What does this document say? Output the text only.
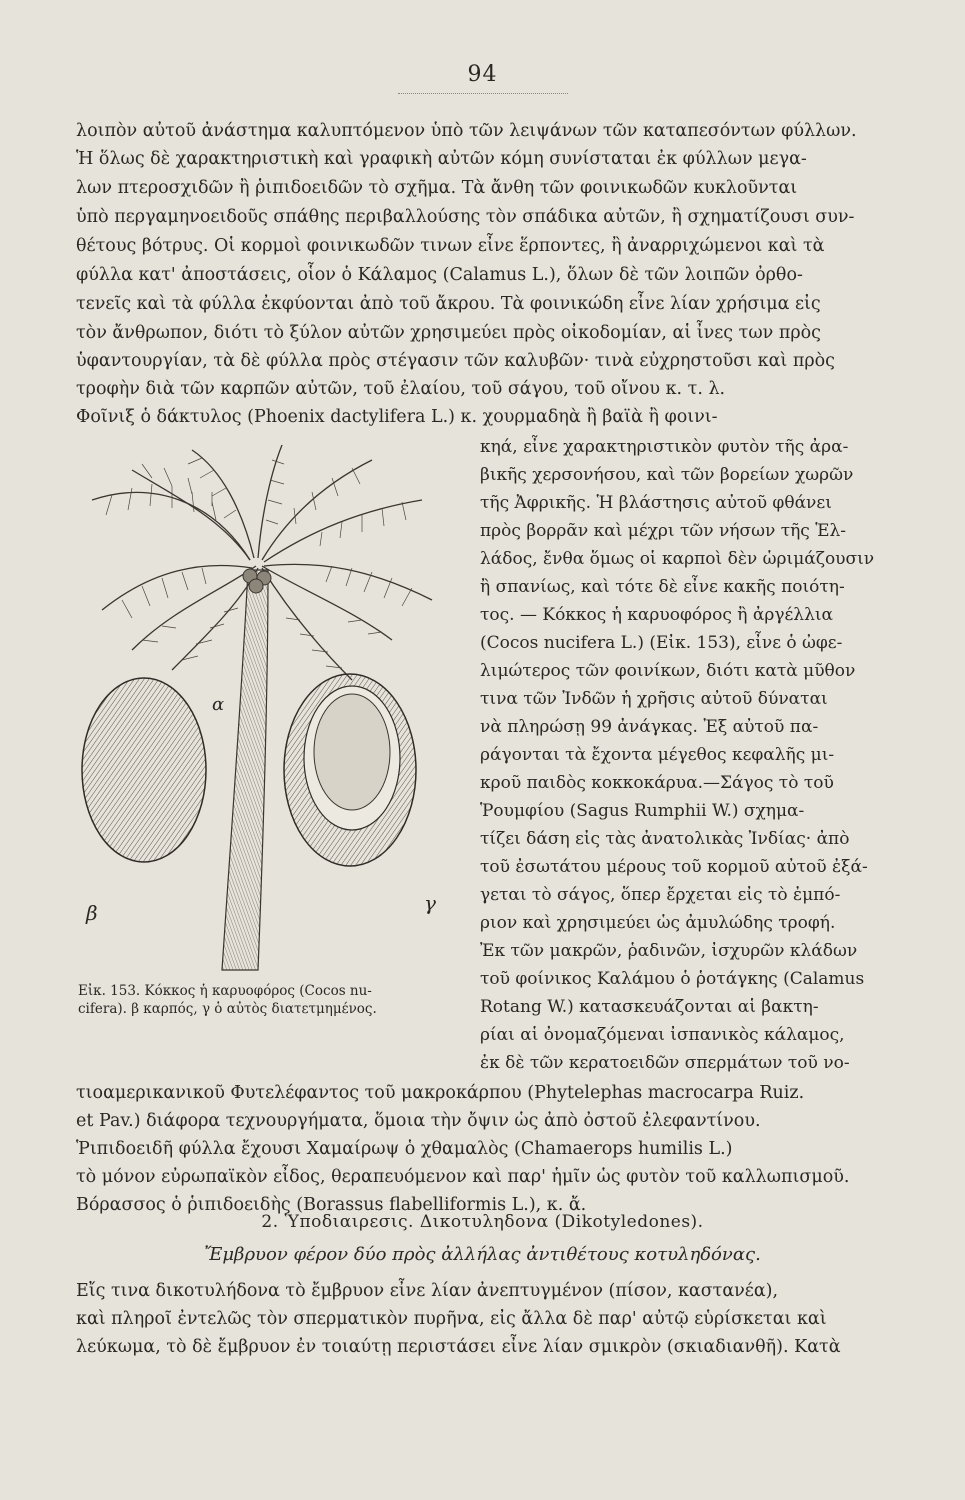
94
λοιπὸν αὐτοῦ ἀνάστημα καλυπτόμενον ὑπὸ τῶν λειψάνων τῶν καταπεσόντων φύλλων.
Ἡ ὅλως δὲ χαρακτηριστικὴ καὶ γραφικὴ αὐτῶν κόμη συνίσταται ἐκ φύλλων μεγα-
λων πτεροσχιδῶν ἢ ῥιπιδοειδῶν τὸ σχῆμα. Τὰ ἄνθη τῶν φοινικωδῶν κυκλοῦνται
ὑπὸ περγαμηνοειδοῦς σπάθης περιβαλλούσης τὸν σπάδικα αὐτῶν, ἢ σχηματίζουσι συν-
θέτους βότρυς. Οἱ κορμοὶ φοινικωδῶν τινων εἶνε ἕρποντες, ἢ ἀναρριχώμενοι καὶ τὰ
φύλλα κατ' ἀποστάσεις, οἷον ὁ Κάλαμος (Calamus L.), ὅλων δὲ τῶν λοιπῶν ὀρθο-
τενεῖς καὶ τὰ φύλλα ἐκφύονται ἀπὸ τοῦ ἄκρου. Τὰ φοινικώδη εἶνε λίαν χρήσιμα εἰς
τὸν ἄνθρωπον, διότι τὸ ξύλον αὐτῶν χρησιμεύει πρὸς οἰκοδομίαν, αἱ ἶνες των πρὸς
ὑφαντουργίαν, τὰ δὲ φύλλα πρὸς στέγασιν τῶν καλυβῶν· τινὰ εὐχρηστοῦσι καὶ πρὸς
τροφὴν διὰ τῶν καρπῶν αὐτῶν, τοῦ ἐλαίου, τοῦ σάγου, τοῦ οἴνου κ. τ. λ.
Φοῖνιξ ὁ δάκτυλος (Phoenix dactylifera L.) κ. χουρμαδηὰ ἢ βαϊὰ ἢ φοινι-
κηά, εἶνε χαρακτηριστικὸν φυτὸν τῆς ἀρα-
βικῆς χερσονήσου, καὶ τῶν βορείων χωρῶν
τῆς Ἀφρικῆς. Ἡ βλάστησις αὐτοῦ φθάνει
πρὸς βορρᾶν καὶ μέχρι τῶν νήσων τῆς Ἑλ-
λάδος, ἔνθα ὅμως οἱ καρποὶ δὲν ὡριμάζουσιν
ἢ σπανίως, καὶ τότε δὲ εἶνε κακῆς ποιότη-
τος. — Κόκκος ἡ καρυοφόρος ἢ ἀργέλλια
(Cocos nucifera L.) (Εἰκ. 153), εἶνε ὁ ὠφε-
λιμώτερος τῶν φοινίκων, διότι κατὰ μῦθον
τινα τῶν Ἰνδῶν ἡ χρῆσις αὐτοῦ δύναται
νὰ πληρώσῃ 99 ἀνάγκας. Ἐξ αὐτοῦ πα-
ράγονται τὰ ἔχοντα μέγεθος κεφαλῆς μι-
κροῦ παιδὸς κοκκοκάρυα.—Σάγος τὸ τοῦ
Ῥουμφίου (Sagus Rumphii W.) σχημα-
τίζει δάση εἰς τὰς ἀνατολικὰς Ἰνδίας· ἀπὸ
τοῦ ἐσωτάτου μέρους τοῦ κορμοῦ αὐτοῦ ἐξά-
γεται τὸ σάγος, ὅπερ ἔρχεται εἰς τὸ ἐμπό-
ριον καὶ χρησιμεύει ὡς ἀμυλώδης τροφή.
Ἐκ τῶν μακρῶν, ῥαδινῶν, ἰσχυρῶν κλάδων
τοῦ φοίνικος Καλάμου ὁ ῥοτάγκης (Calamus
Rotang W.) κατασκευάζονται αἱ βακτη-
ρίαι αἱ ὀνομαζόμεναι ἰσπανικὸς κάλαμος,
ἐκ δὲ τῶν κερατοειδῶν σπερμάτων τοῦ νο-
α
β	γ
Εἰκ. 153. Κόκκος ἡ καρυοφόρος (Cocos nu-
cifera). β καρπός, γ ὁ αὐτὸς διατετμημένος.
τιοαμερικανικοῦ Φυτελέφαντος τοῦ μακροκάρπου (Phytelephas macrocarpa Ruiz.
et Pav.) διάφορα τεχνουργήματα, ὅμοια τὴν ὄψιν ὡς ἀπὸ ὀστοῦ ἐλεφαντίνου.
Ῥιπιδοειδῆ φύλλα ἔχουσι Χαμαίρωψ ὁ χθαμαλὸς (Chamaerops humilis L.)
τὸ μόνον εὐρωπαϊκὸν εἶδος, θεραπευόμενον καὶ παρ' ἡμῖν ὡς φυτὸν τοῦ καλλωπισμοῦ.
Βόρασσος ὁ ῥιπιδοειδὴς (Borassus flabelliformis L.), κ. ἄ.
2. Ὑποδιαιρεσις. Δικοτυληδονα (Dikotyledones).
Ἔμβρυον φέρον δύο πρὸς ἀλλήλας ἀντιθέτους κοτυληδόνας.
Εἴς τινα δικοτυλήδονα τὸ ἔμβρυον εἶνε λίαν ἀνεπτυγμένον (πίσον, καστανέα),
καὶ πληροῖ ἐντελῶς τὸν σπερματικὸν πυρῆνα, εἰς ἄλλα δὲ παρ' αὐτῷ εὑρίσκεται καὶ
λεύκωμα, τὸ δὲ ἔμβρυον ἐν τοιαύτῃ περιστάσει εἶνε λίαν σμικρὸν (σκιαδιανθῆ). Κατὰ
